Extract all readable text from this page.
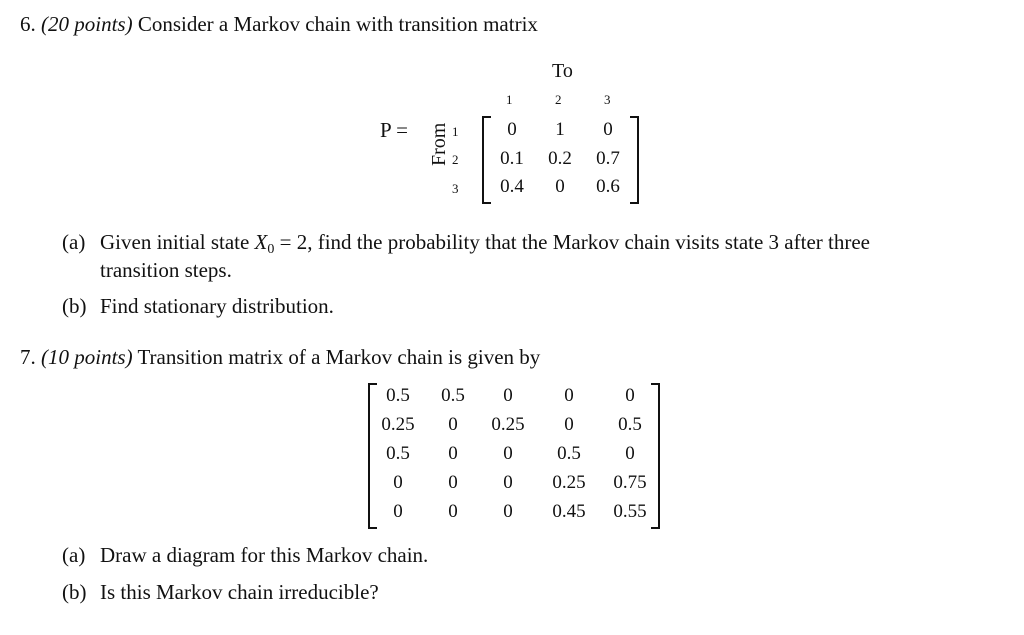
6. (20 points) Consider a Markov chain with transition matrix
To
1	2	3
P = From 1
2
3
0	1	0
0.1	0.2	0.7
0.4	0	0.6
(a) Given initial state X0 = 2, find the probability that the Markov chain visits state 3 after three
transition steps.
(b) Find stationary distribution.
7. (10 points) Transition matrix of a Markov chain is given by
0.5	0.5	0	0	0
0.25	0	0.25	0	0.5
0.5	0	0	0.5	0
0	0	0	0.25	0.75
0	0	0	0.45	0.55
(a) Draw a diagram for this Markov chain.
(b) Is this Markov chain irreducible?
